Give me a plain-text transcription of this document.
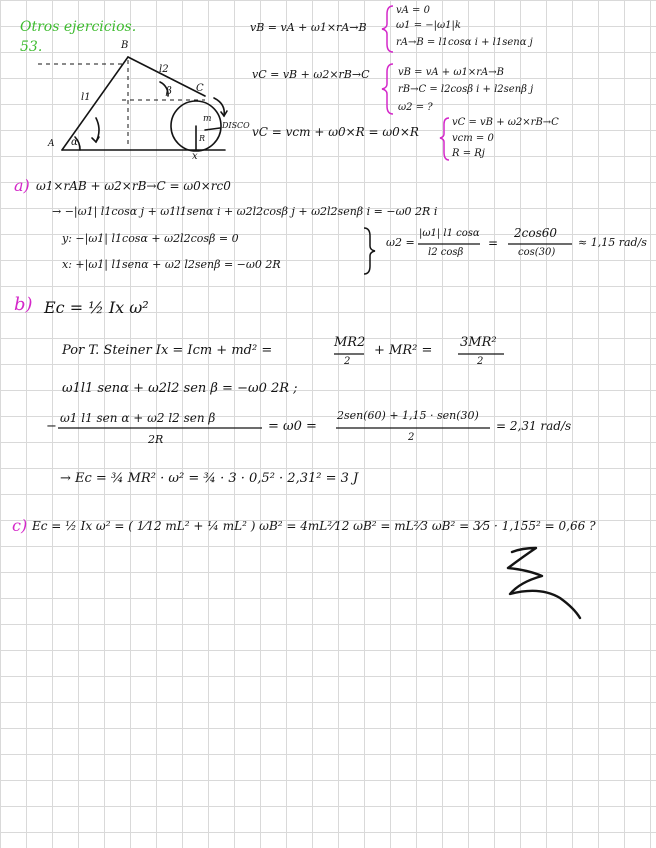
Otros ejercicios.
53.	B
l2
C
l1
β
m
DISCO
A α
x
R
vB = vA + ω1×rA→B
vA = 0
ω1 = −|ω1|k
rA→B = l1cosα i + l1senα j
vC = vB + ω2×rB→C	vB = vA + ω1×rA→B
rB→C = l2cosβ i + l2senβ j
ω2 = ?
vC = vcm + ω0×R = ω0×R
vC = vB + ω2×rB→C
vcm = 0
R = Rj
a) ω1×rAB + ω2×rB→C = ω0×rc0
→ −|ω1| l1cosα j + ω1l1senα i + ω2l2cosβ j + ω2l2senβ i = −ω0 2R i
y: −|ω1| l1cosα + ω2l2cosβ = 0
x: +|ω1| l1senα + ω2 l2senβ = −ω0 2R
ω2 =
|ω1| l1 cosα
l2 cosβ
=
2cos60
cos(30)
≈ 1,15 rad/s
b) Ec = ½ Ix ω²
Por T. Steiner Ix = Icm + md² =
MR2
2
+ MR² =
3MR²
2
ω1l1 senα + ω2l2 sen β = −ω0 2R ;
−
ω1 l1 sen α + ω2 l2 sen β
2R
= ω0 =
2sen(60) + 1,15 · sen(30)
2
= 2,31 rad/s
→ Ec = ¾ MR² · ω² = ¾ · 3 · 0,5² · 2,31² = 3 J
c) Ec = ½ Ix ω² = ( 1⁄12 mL² + ¼ mL² ) ωB² = 4mL²⁄12 ωB² = mL²⁄3 ωB² = 3⁄5 · 1,155² = 0,66 ?
